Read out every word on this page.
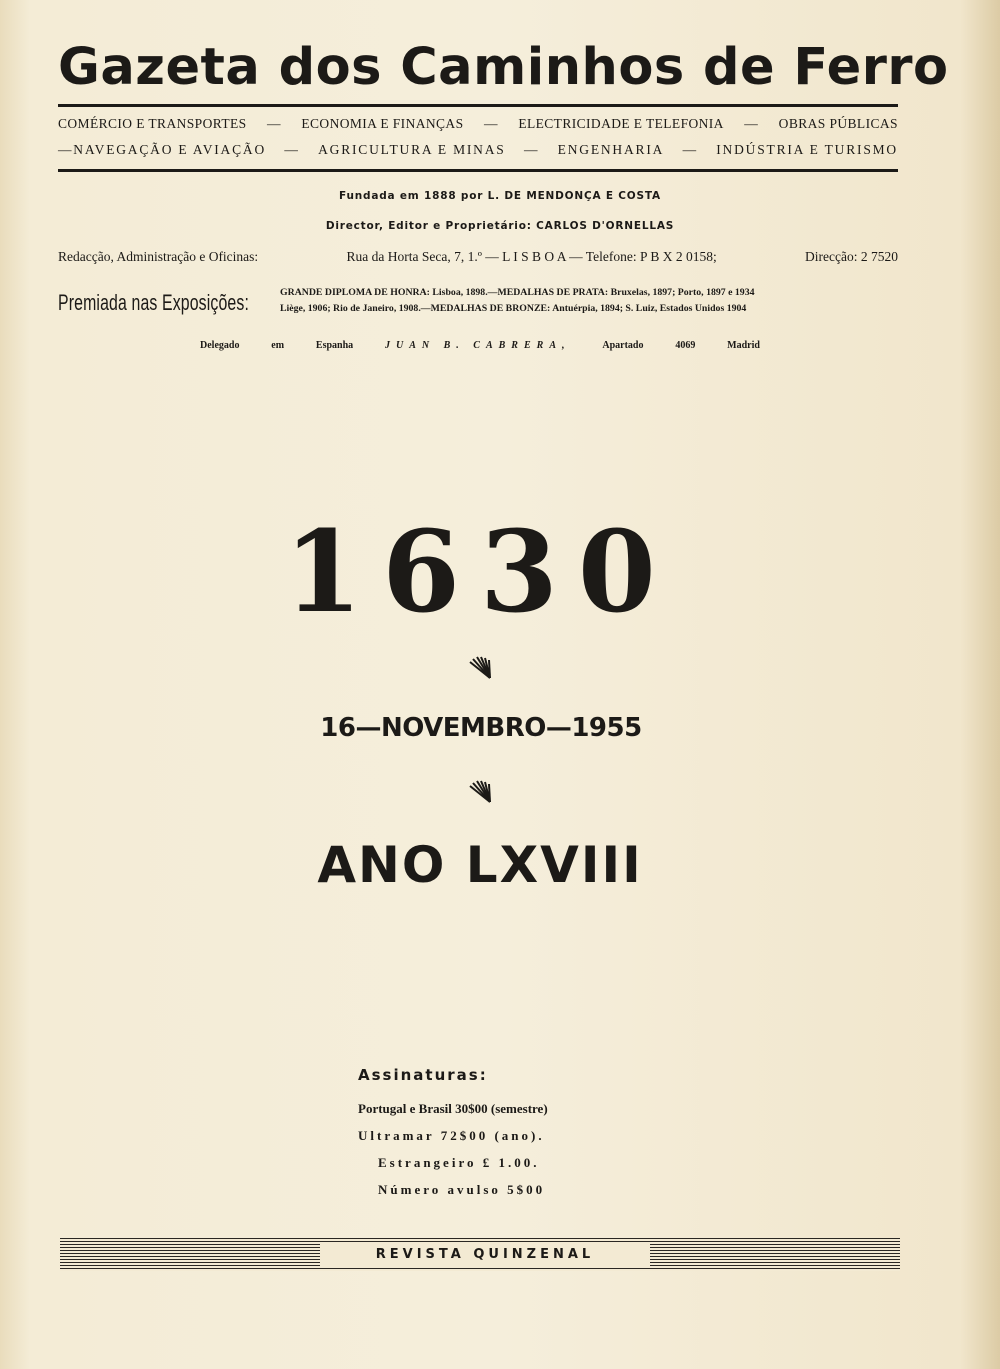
Gazeta dos Caminhos de Ferro
COMÉRCIO E TRANSPORTES — ECONOMIA E FINANÇAS — ELECTRICIDADE E TELEFONIA — OBRAS PÚBLICAS
—NAVEGAÇÃO E AVIAÇÃO — AGRICULTURA E MINAS — ENGENHARIA — INDÚSTRIA E TURISMO
Fundada em 1888 por L. DE MENDONÇA E COSTA
Director, Editor e Proprietário: CARLOS D'ORNELLAS
Redacção, Administração e Oficinas:	Rua da Horta Seca, 7, 1.º — L I S B O A — Telefone: P B X 2 0158;	Direcção: 2 7520
Premiada nas Exposições:	GRANDE DIPLOMA DE HONRA: Lisboa, 1898.—MEDALHAS DE PRATA: Bruxelas, 1897; Porto, 1897 e 1934
Liège, 1906; Rio de Janeiro, 1908.—MEDALHAS DE BRONZE: Antuérpia, 1894; S. Luiz, Estados Unidos 1904
Delegado	em	Espanha	JUAN B. CABRERA,	Apartado	4069	Madrid
1630
16—NOVEMBRO—1955
ANO LXVIII
Assinaturas:
Portugal e Brasil 30$00 (semestre)
Ultramar 72$00 (ano).
Estrangeiro £ 1.00.
Número avulso 5$00
REVISTA QUINZENAL
